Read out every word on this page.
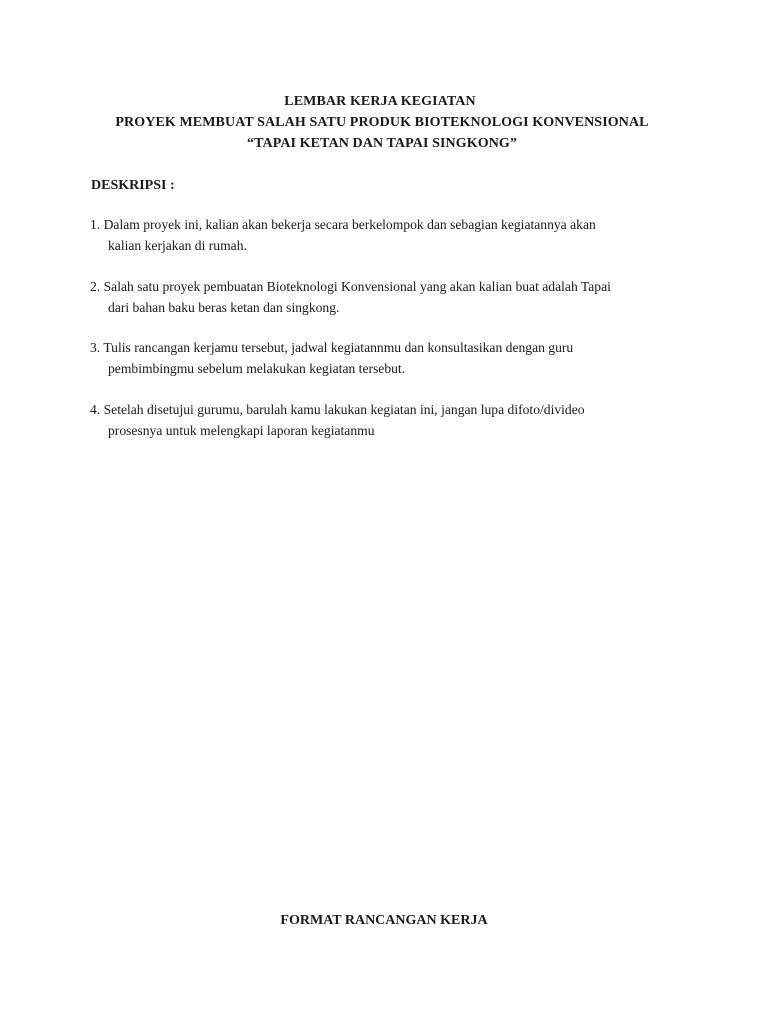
LEMBAR KERJA KEGIATAN
PROYEK MEMBUAT SALAH SATU PRODUK BIOTEKNOLOGI KONVENSIONAL
“TAPAI KETAN DAN TAPAI SINGKONG”
DESKRIPSI :
1. Dalam proyek ini, kalian akan bekerja secara berkelompok dan sebagian kegiatannya akan
kalian kerjakan di rumah.
2. Salah satu proyek pembuatan Bioteknologi Konvensional yang akan kalian buat adalah Tapai
dari bahan baku beras ketan dan singkong.
3. Tulis rancangan kerjamu tersebut, jadwal kegiatannmu dan konsultasikan dengan guru
pembimbingmu sebelum melakukan kegiatan tersebut.
4. Setelah disetujui gurumu, barulah kamu lakukan kegiatan ini, jangan lupa difoto/divideo
prosesnya untuk melengkapi laporan kegiatanmu
FORMAT RANCANGAN KERJA
